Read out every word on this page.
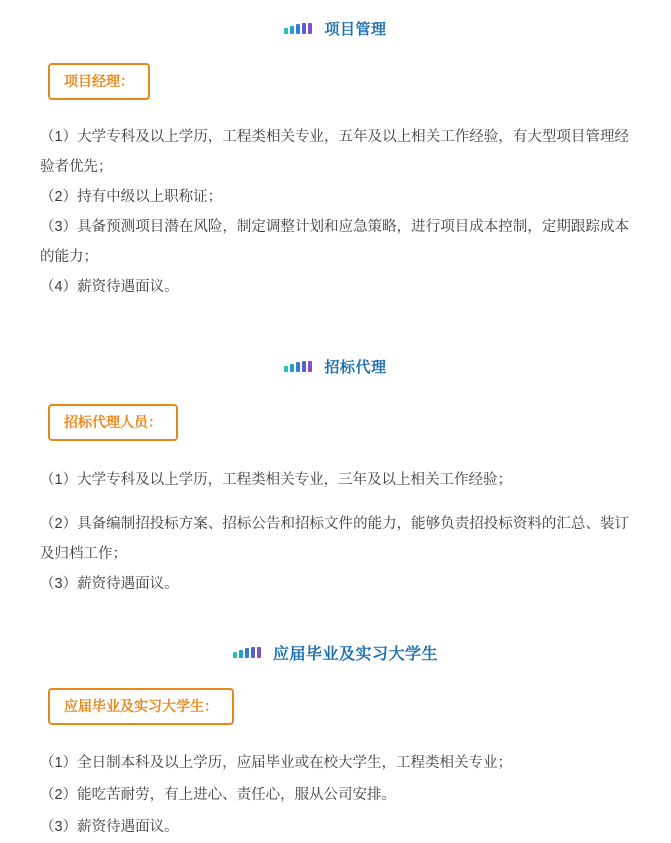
项目管理
项目经理：

（1）大学专科及以上学历，工程类相关专业，五年及以上相关工作经验，有大型项目管理经验者优先；

（2）持有中级以上职称证；

（3）具备预测项目潜在风险，制定调整计划和应急策略，进行项目成本控制，定期跟踪成本的能力；

（4）薪资待遇面议。

招标代理
招标代理人员：

（1）大学专科及以上学历，工程类相关专业，三年及以上相关工作经验；

（2）具备编制招投标方案、招标公告和招标文件的能力，能够负责招投标资料的汇总、装订及归档工作；

（3）薪资待遇面议。

应届毕业及实习大学生
应届毕业及实习大学生：

（1）全日制本科及以上学历，应届毕业或在校大学生，工程类相关专业；

（2）能吃苦耐劳，有上进心、责任心，服从公司安排。

（3）薪资待遇面议。
